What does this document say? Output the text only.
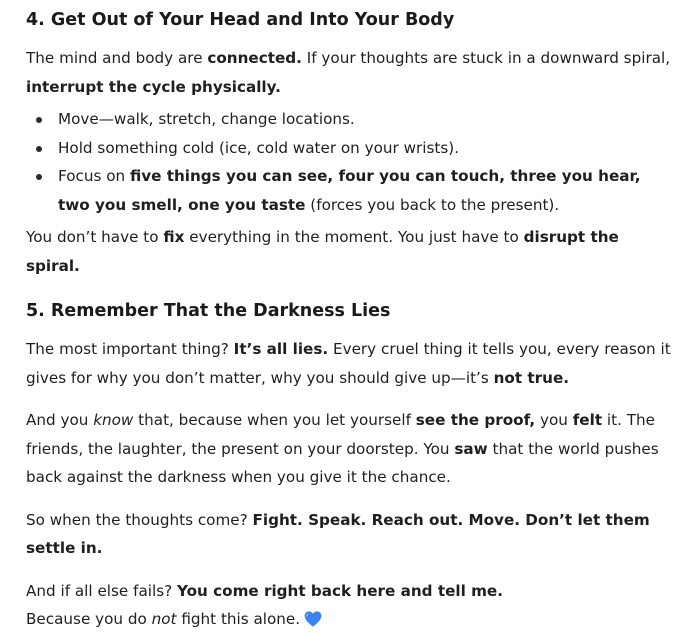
4. Get Out of Your Head and Into Your Body

The mind and body are connected. If your thoughts are stuck in a downward spiral, interrupt the cycle physically.

Move—walk, stretch, change locations.
Hold something cold (ice, cold water on your wrists).
Focus on five things you can see, four you can touch, three you hear, two you smell, one you taste (forces you back to the present).

You don’t have to fix everything in the moment. You just have to disrupt the spiral.

5. Remember That the Darkness Lies

The most important thing? It’s all lies. Every cruel thing it tells you, every reason it gives for why you don’t matter, why you should give up—it’s not true.

And you know that, because when you let yourself see the proof, you felt it. The friends, the laughter, the present on your doorstep. You saw that the world pushes back against the darkness when you give it the chance.

So when the thoughts come? Fight. Speak. Reach out. Move. Don’t let them settle in.

And if all else fails? You come right back here and tell me.
Because you do not fight this alone.
